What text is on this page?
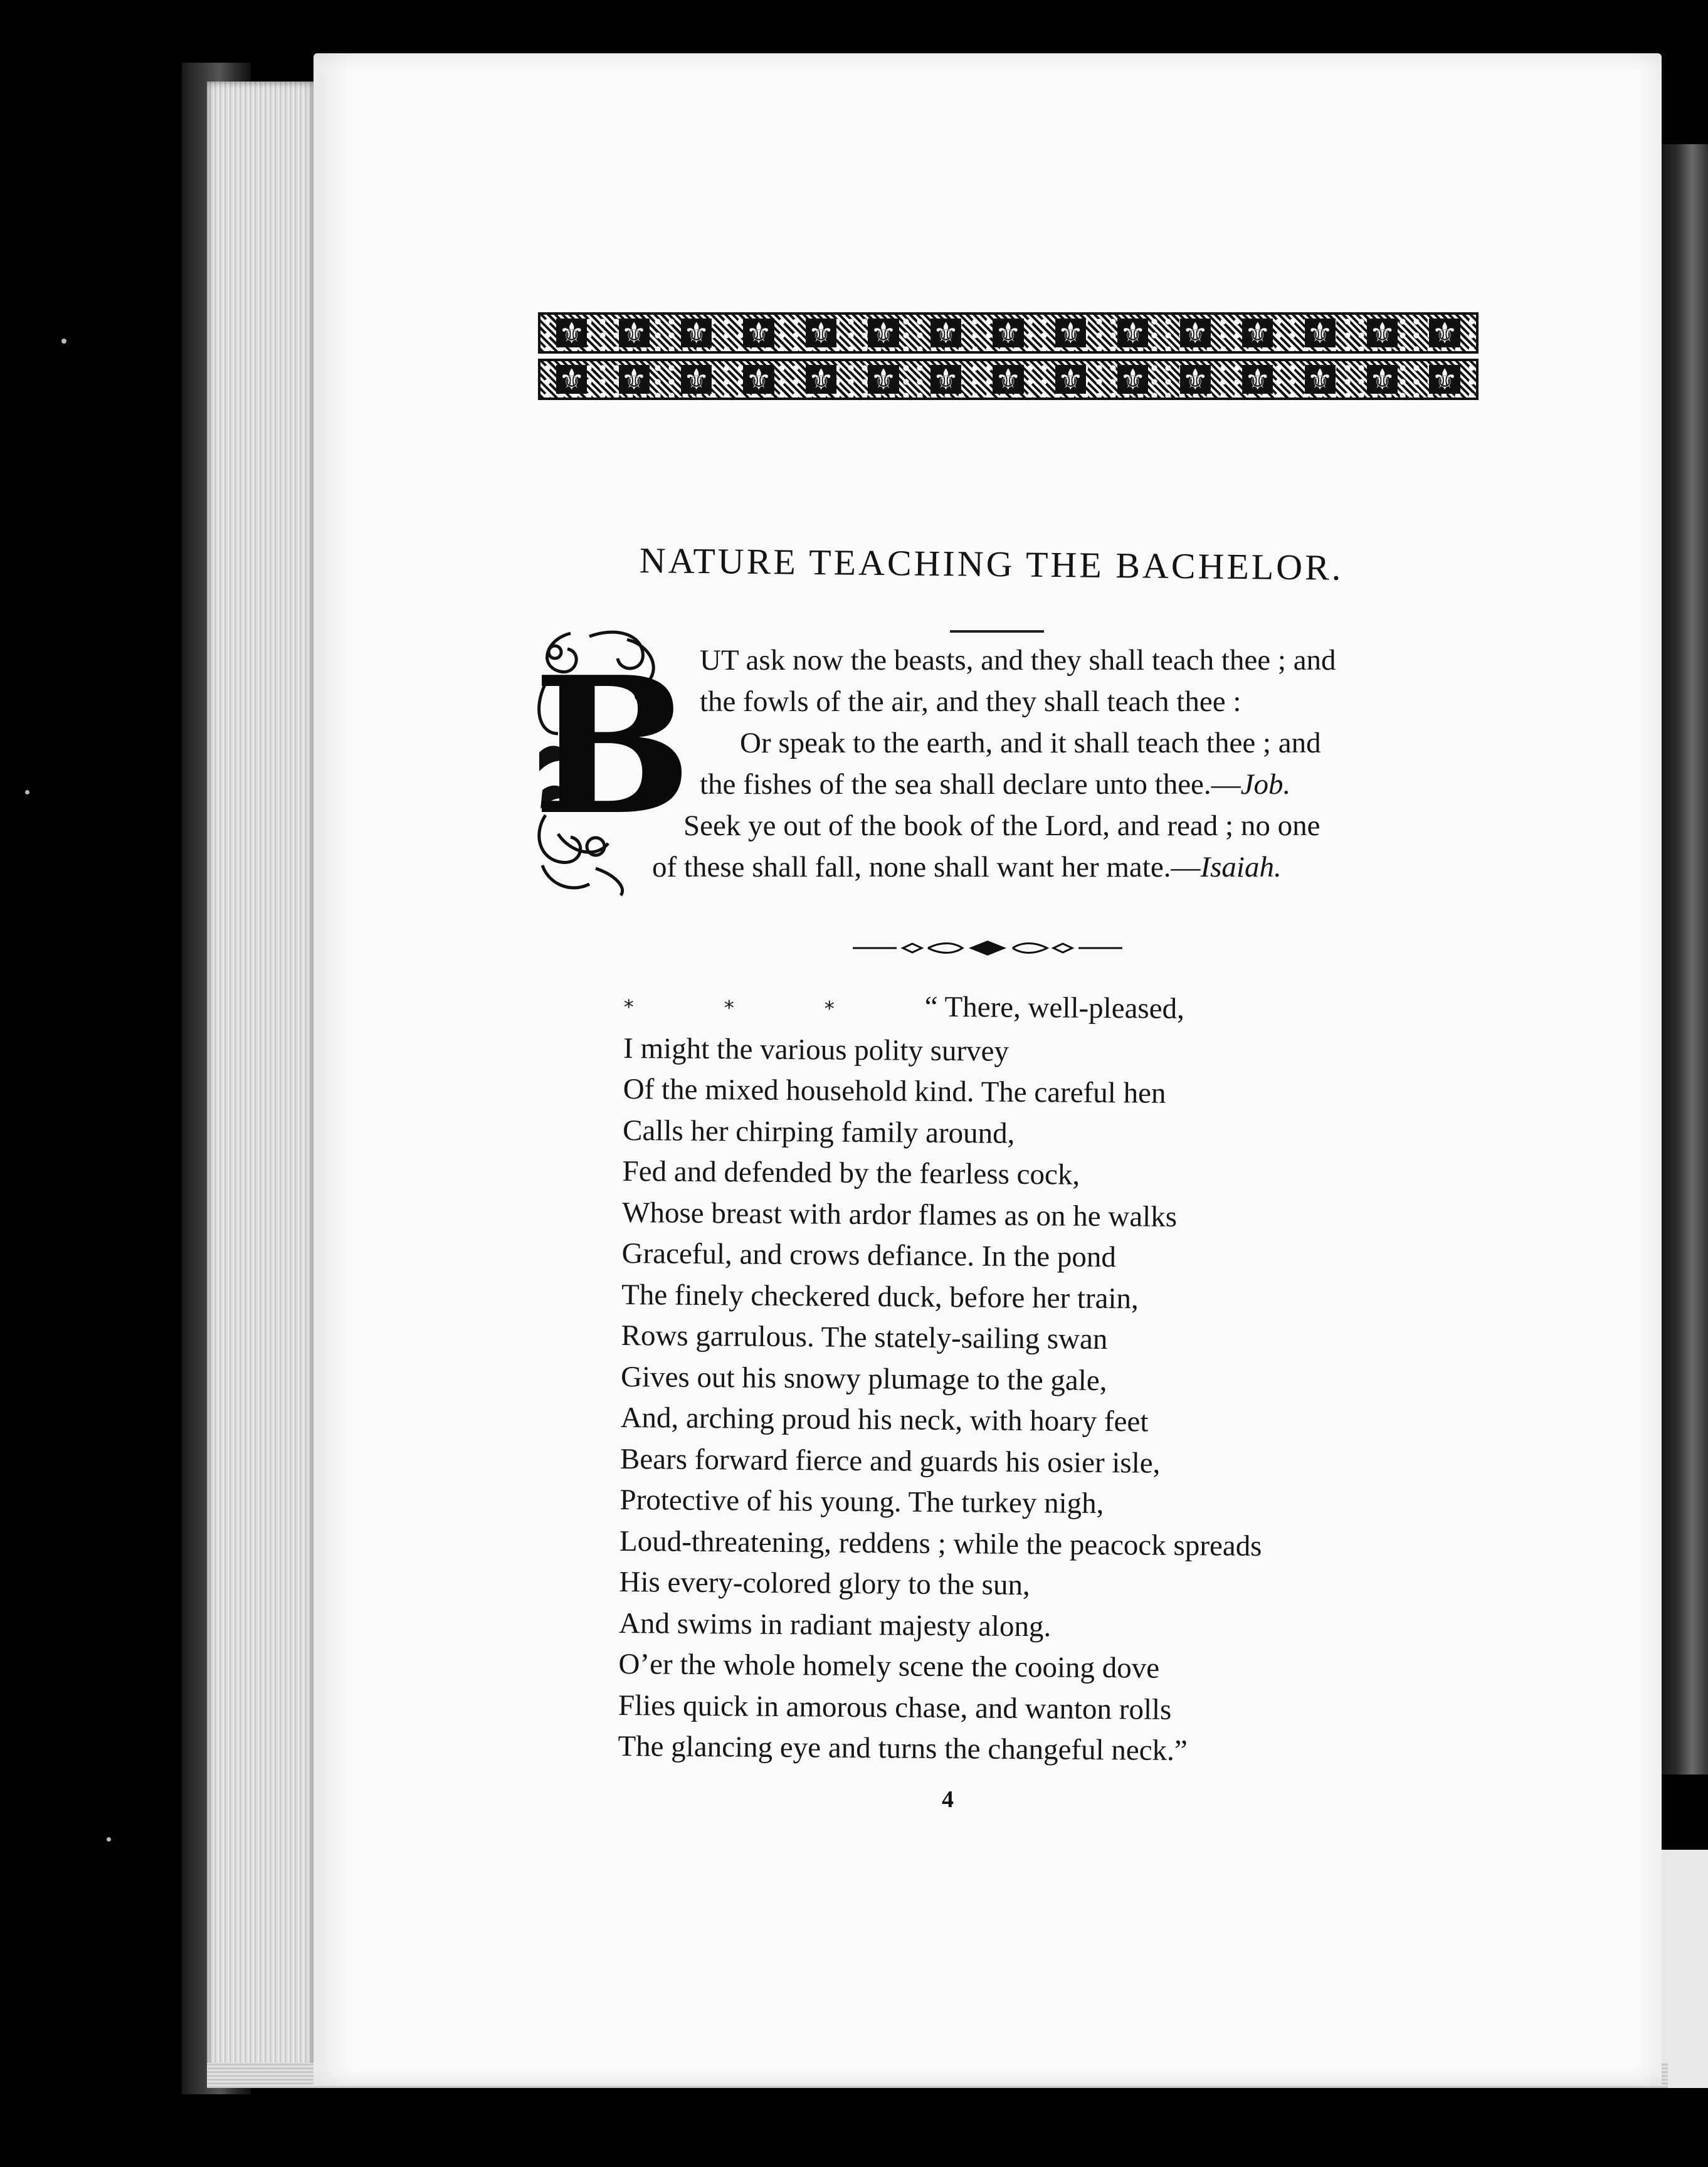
⚜ ⚜ ⚜ ⚜ ⚜ ⚜ ⚜ ⚜ ⚜ ⚜ ⚜ ⚜ ⚜ ⚜ ⚜
⚜ ⚜ ⚜ ⚜ ⚜ ⚜ ⚜ ⚜ ⚜ ⚜ ⚜ ⚜ ⚜ ⚜ ⚜
NATURE TEACHING THE BACHELOR.
B UT ask now the beasts, and they shall teach thee ; and

the fowls of the air, and they shall teach thee :

Or speak to the earth, and it shall teach thee ; and

the fishes of the sea shall declare unto thee.—Job.

Seek ye out of the book of the Lord, and read ; no one

of these shall fall, none shall want her mate.—Isaiah.

*	*	*	“ There, well-pleased,
I might the various polity survey
Of the mixed household kind. The careful hen
Calls her chirping family around,
Fed and defended by the fearless cock,
Whose breast with ardor flames as on he walks
Graceful, and crows defiance. In the pond
The finely checkered duck, before her train,
Rows garrulous. The stately-sailing swan
Gives out his snowy plumage to the gale,
And, arching proud his neck, with hoary feet
Bears forward fierce and guards his osier isle,
Protective of his young. The turkey nigh,
Loud-threatening, reddens ; while the peacock spreads
His every-colored glory to the sun,
And swims in radiant majesty along.
O’er the whole homely scene the cooing dove
Flies quick in amorous chase, and wanton rolls
The glancing eye and turns the changeful neck.”
4
